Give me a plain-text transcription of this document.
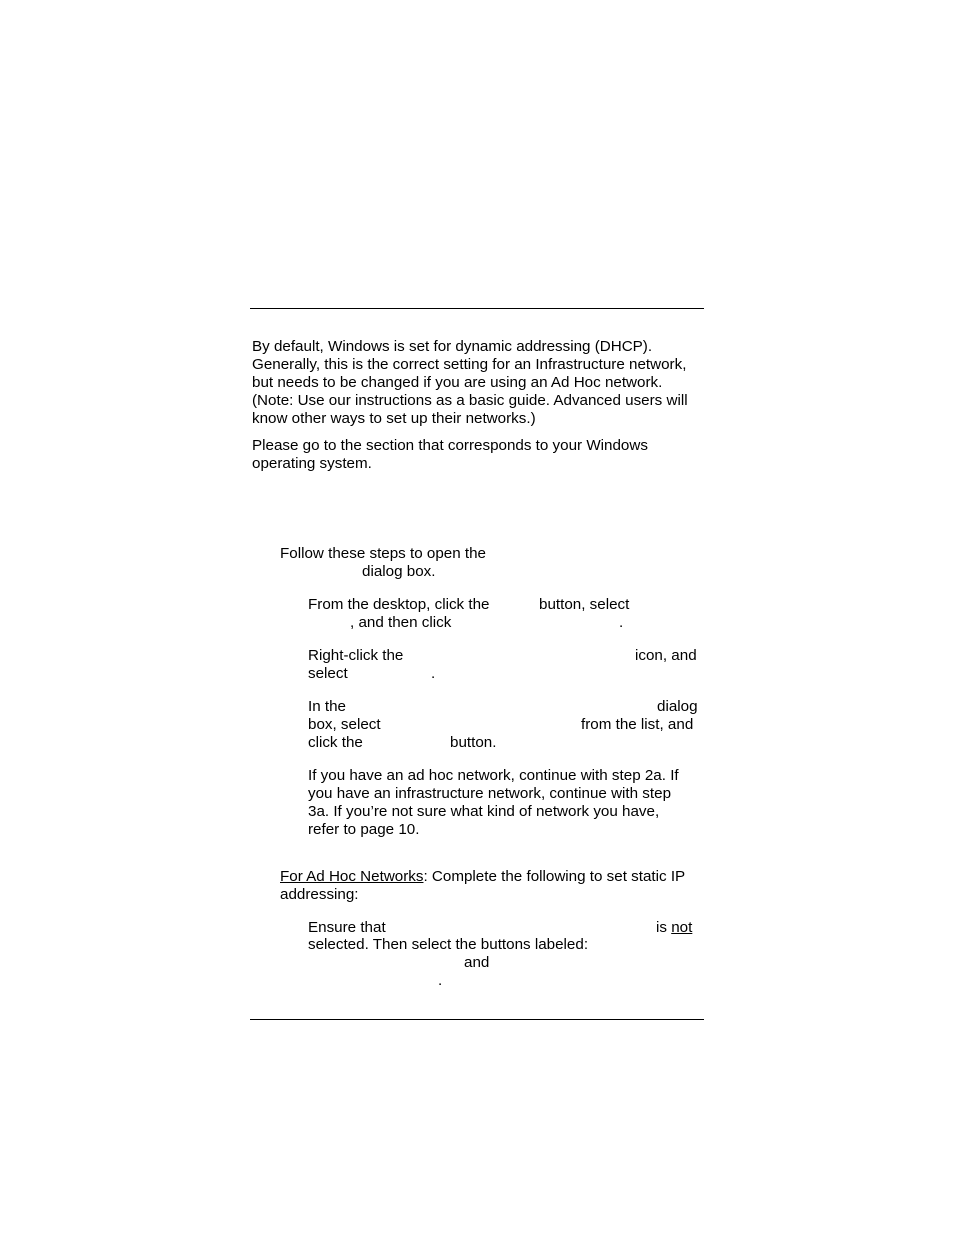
By default, Windows is set for dynamic addressing (DHCP).
Generally, this is the correct setting for an Infrastructure network,
but needs to be changed if you are using an Ad Hoc network.
(Note: Use our instructions as a basic guide. Advanced users will
know other ways to set up their networks.)
Please go to the section that corresponds to your Windows
operating system.
Follow these steps to open the
dialog box.
From the desktop, click the	button, select
, and then click	.
Right-click the	icon, and
select	.
In the	dialog
box, select	from the list, and
click the	button.
If you have an ad hoc network, continue with step 2a. If
you have an infrastructure network, continue with step
3a. If you’re not sure what kind of network you have,
refer to page 10.
For Ad Hoc Networks: Complete the following to set static IP
addressing:
Ensure that	is not
selected. Then select the buttons labeled:
and
.
